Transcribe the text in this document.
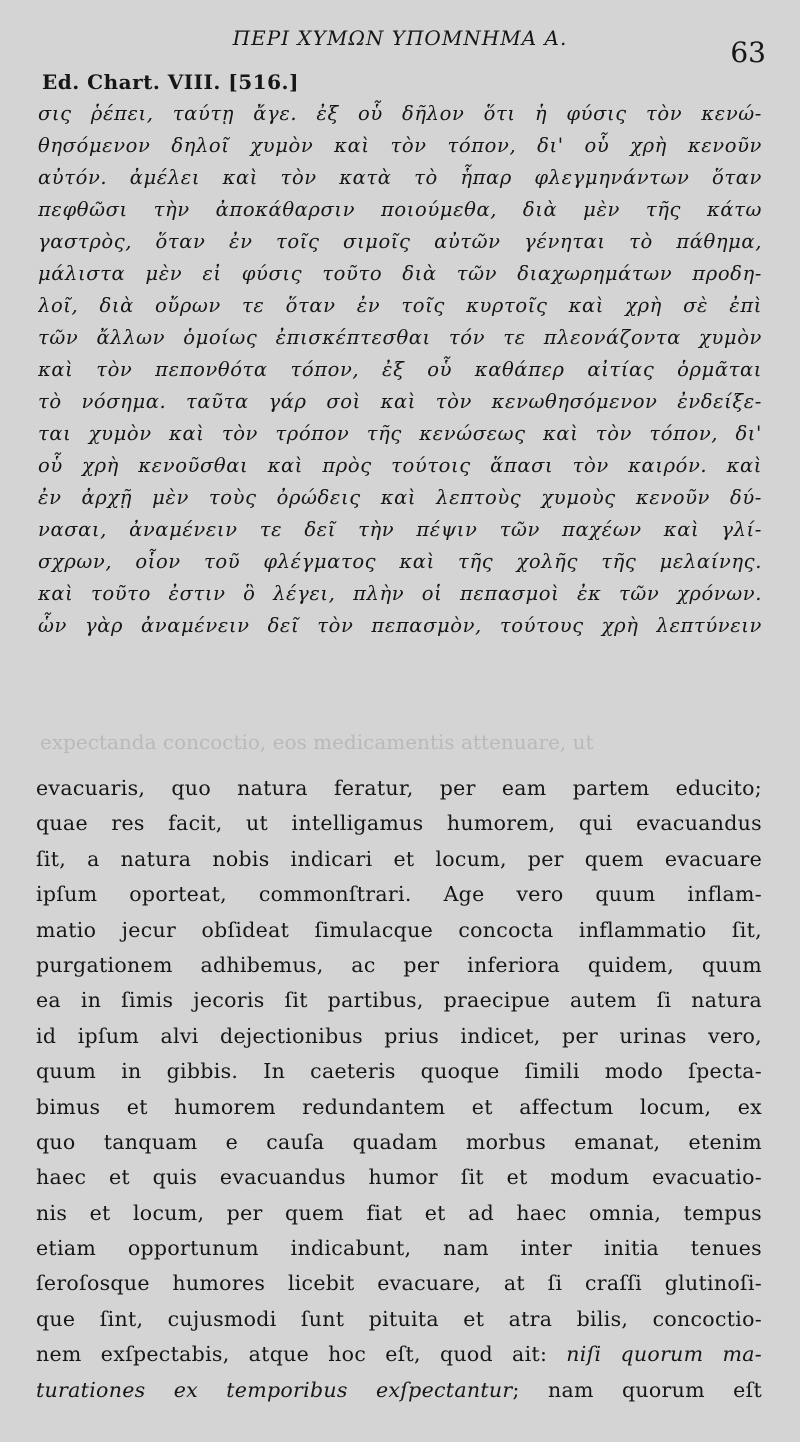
ΠΕΡΙ ΧΥΜΩΝ ΥΠΟΜΝΗΜΑ Α.	63
Ed. Chart. VIII. [516.]
σις ῥέπει, ταύτῃ ἄγε. ἐξ οὗ δῆλον ὅτι ἡ φύσις τὸν κενώ-
θησόμενον δηλοῖ χυμὸν καὶ τὸν τόπον, δι' οὗ χρὴ κενοῦν
αὐτόν. ἀμέλει καὶ τὸν κατὰ τὸ ἧπαρ φλεγμηνάντων ὅταν
πεφθῶσι τὴν ἀποκάθαρσιν ποιούμεθα, διὰ μὲν τῆς κάτω
γαστρὸς, ὅταν ἐν τοῖς σιμοῖς αὐτῶν γένηται τὸ πάθημα,
μάλιστα μὲν εἰ φύσις τοῦτο διὰ τῶν διαχωρημάτων προδη-
λοῖ, διὰ οὔρων τε ὅταν ἐν τοῖς κυρτοῖς καὶ χρὴ σὲ ἐπὶ
τῶν ἄλλων ὁμοίως ἐπισκέπτεσθαι τόν τε πλεονάζοντα χυμὸν
καὶ τὸν πεπονθότα τόπον, ἐξ οὗ καθάπερ αἰτίας ὁρμᾶται
τὸ νόσημα. ταῦτα γάρ σοὶ καὶ τὸν κενωθησόμενον ἐνδείξε-
ται χυμὸν καὶ τὸν τρόπον τῆς κενώσεως καὶ τὸν τόπον, δι'
οὗ χρὴ κενοῦσθαι καὶ πρὸς τούτοις ἅπασι τὸν καιρόν. καὶ
ἐν ἀρχῇ μὲν τοὺς ὀρώδεις καὶ λεπτοὺς χυμοὺς κενοῦν δύ-
νασαι, ἀναμένειν τε δεῖ τὴν πέψιν τῶν παχέων καὶ γλί-
σχρων, οἷον τοῦ φλέγματος καὶ τῆς χολῆς τῆς μελαίνης.
καὶ τοῦτο ἐστιν ὃ λέγει, πλὴν οἱ πεπασμοὶ ἐκ τῶν χρόνων.
ὧν γὰρ ἀναμένειν δεῖ τὸν πεπασμὸν, τούτους χρὴ λεπτύνειν
expectanda concoctio, eos medicamentis attenuare, ut
evacuaris, quo natura feratur, per eam partem educito;
quae res facit, ut intelligamus humorem, qui evacuandus
ſit, a natura nobis indicari et locum, per quem evacuare
ipſum oporteat, commonſtrari. Age vero quum inflam-
matio jecur obſideat ſimulacque concocta inflammatio ſit,
purgationem adhibemus, ac per inferiora quidem, quum
ea in ſimis jecoris ſit partibus, praecipue autem ſi natura
id ipſum alvi dejectionibus prius indicet, per urinas vero,
quum in gibbis. In caeteris quoque ſimili modo ſpecta-
bimus et humorem redundantem et affectum locum, ex
quo tanquam e cauſa quadam morbus emanat, etenim
haec et quis evacuandus humor ſit et modum evacuatio-
nis et locum, per quem fiat et ad haec omnia, tempus
etiam opportunum indicabunt, nam inter initia tenues
ſeroſosque humores licebit evacuare, at ſi craſſi glutinoſi-
que ſint, cujusmodi ſunt pituita et atra bilis, concoctio-
nem exſpectabis, atque hoc eſt, quod ait: niſi quorum ma-
turationes ex temporibus exſpectantur; nam quorum eſt
